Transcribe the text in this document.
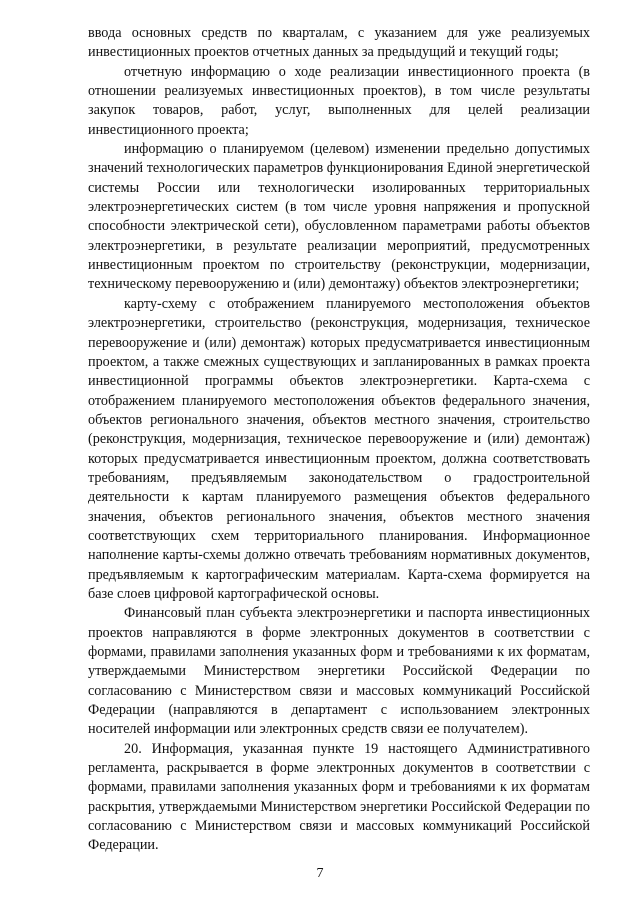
ввода основных средств по кварталам, с указанием для уже реализуемых инвестиционных проектов отчетных данных за предыдущий и текущий годы;

отчетную информацию о ходе реализации инвестиционного проекта (в отношении реализуемых инвестиционных проектов), в том числе результаты закупок товаров, работ, услуг, выполненных для целей реализации инвестиционного проекта;

информацию о планируемом (целевом) изменении предельно допустимых значений технологических параметров функционирования Единой энергетической системы России или технологически изолированных территориальных электроэнергетических систем (в том числе уровня напряжения и пропускной способности электрической сети), обусловленном параметрами работы объектов электроэнергетики, в результате реализации мероприятий, предусмотренных инвестиционным проектом по строительству (реконструкции, модернизации, техническому перевооружению и (или) демонтажу) объектов электроэнергетики;

карту-схему с отображением планируемого местоположения объектов электроэнергетики, строительство (реконструкция, модернизация, техническое перевооружение и (или) демонтаж) которых предусматривается инвестиционным проектом, а также смежных существующих и запланированных в рамках проекта инвестиционной программы объектов электроэнергетики. Карта-схема с отображением планируемого местоположения объектов федерального значения, объектов регионального значения, объектов местного значения, строительство (реконструкция, модернизация, техническое перевооружение и (или) демонтаж) которых предусматривается инвестиционным проектом, должна соответствовать требованиям, предъявляемым законодательством о градостроительной деятельности к картам планируемого размещения объектов федерального значения, объектов регионального значения, объектов местного значения соответствующих схем территориального планирования. Информационное наполнение карты-схемы должно отвечать требованиям нормативных документов, предъявляемым к картографическим материалам. Карта-схема формируется на базе слоев цифровой картографической основы.

Финансовый план субъекта электроэнергетики и паспорта инвестиционных проектов направляются в форме электронных документов в соответствии с формами, правилами заполнения указанных форм и требованиями к их форматам, утверждаемыми Министерством энергетики Российской Федерации по согласованию с Министерством связи и массовых коммуникаций Российской Федерации (направляются в департамент с использованием электронных носителей информации или электронных средств связи ее получателем).

20. Информация, указанная пункте 19 настоящего Административного регламента, раскрывается в форме электронных документов в соответствии с формами, правилами заполнения указанных форм и требованиями к их форматам раскрытия, утверждаемыми Министерством энергетики Российской Федерации по согласованию с Министерством связи и массовых коммуникаций Российской Федерации.

7
